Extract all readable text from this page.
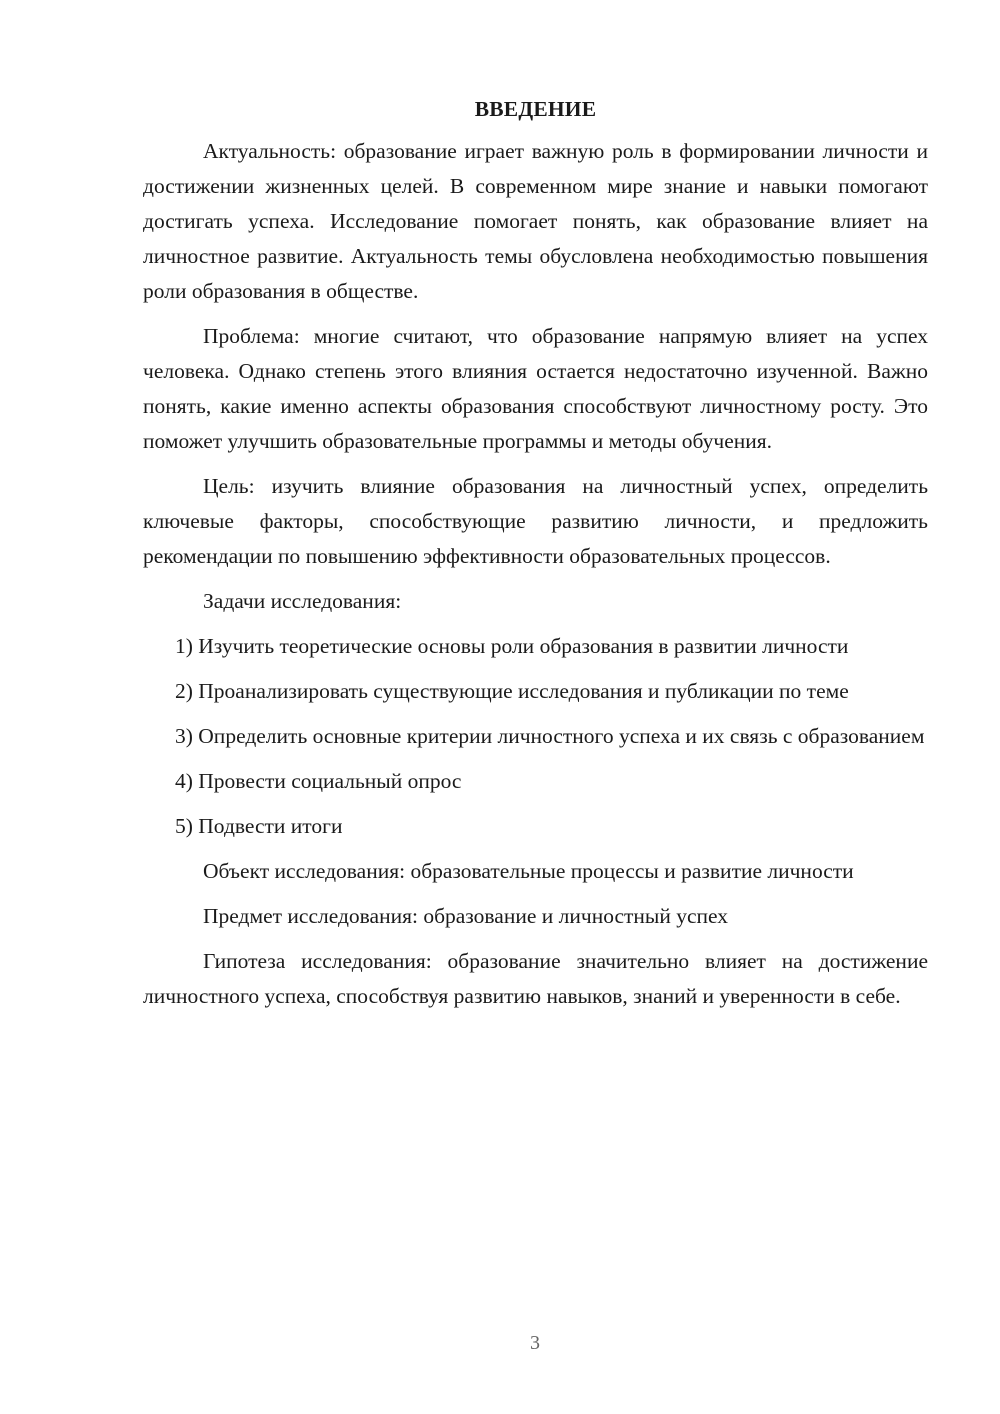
ВВЕДЕНИЕ

Актуальность: образование играет важную роль в формировании личности и достижении жизненных целей. В современном мире знание и навыки помогают достигать успеха. Исследование помогает понять, как образование влияет на личностное развитие. Актуальность темы обусловлена необходимостью повышения роли образования в обществе.

Проблема: многие считают, что образование напрямую влияет на успех человека. Однако степень этого влияния остается недостаточно изученной. Важно понять, какие именно аспекты образования способствуют личностному росту. Это поможет улучшить образовательные программы и методы обучения.

Цель: изучить влияние образования на личностный успех, определить ключевые факторы, способствующие развитию личности, и предложить рекомендации по повышению эффективности образовательных процессов.

Задачи исследования:

1) Изучить теоретические основы роли образования в развитии личности

2) Проанализировать существующие исследования и публикации по теме

3) Определить основные критерии личностного успеха и их связь с образованием

4) Провести социальный опрос

5) Подвести итоги

Объект исследования: образовательные процессы и развитие личности

Предмет исследования: образование и личностный успех

Гипотеза исследования: образование значительно влияет на достижение личностного успеха, способствуя развитию навыков, знаний и уверенности в себе.

3
